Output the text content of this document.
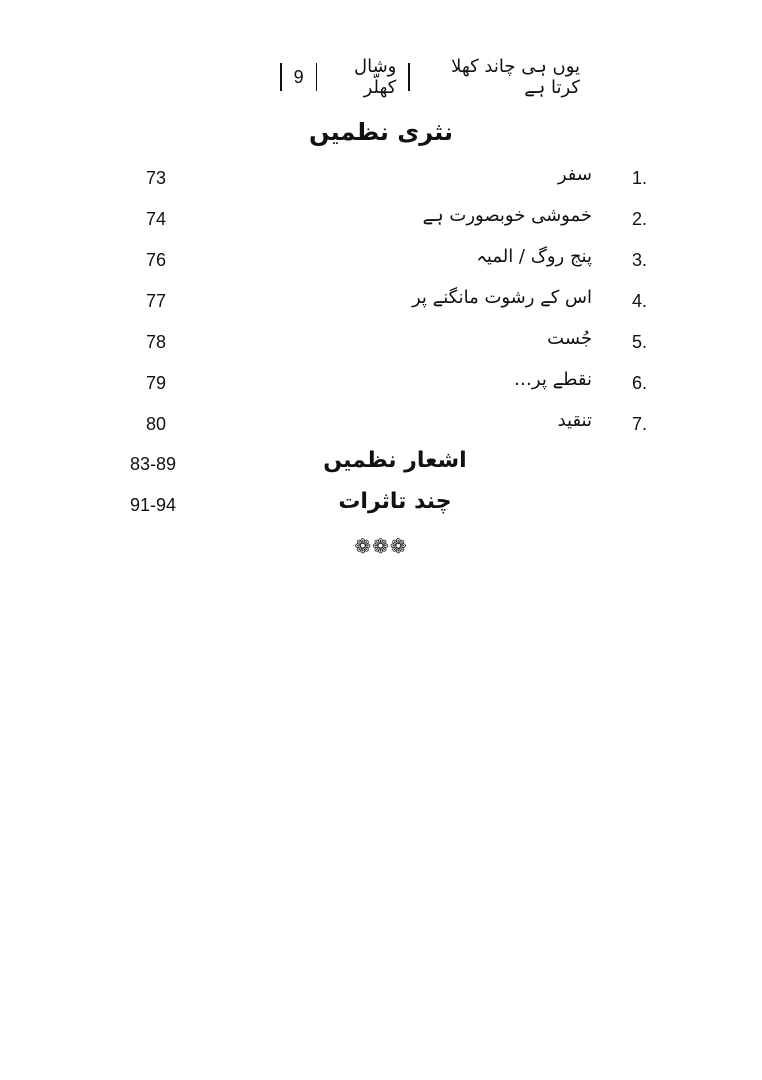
یوں ہی چاند کھلا کرتا ہے
وشال کھلّر
9
نثری نظمیں
1.
سفر
73
2.
خموشی خوبصورت ہے
74
3.
پنج روگ / المیہ
76
4.
اس کے رشوت مانگنے پر
77
5.
جُست
78
6.
نقطے پر…
79
7.
تنقید
80
اشعار نظمیں
83-89
چند تاثرات
91-94
❁❁❁
